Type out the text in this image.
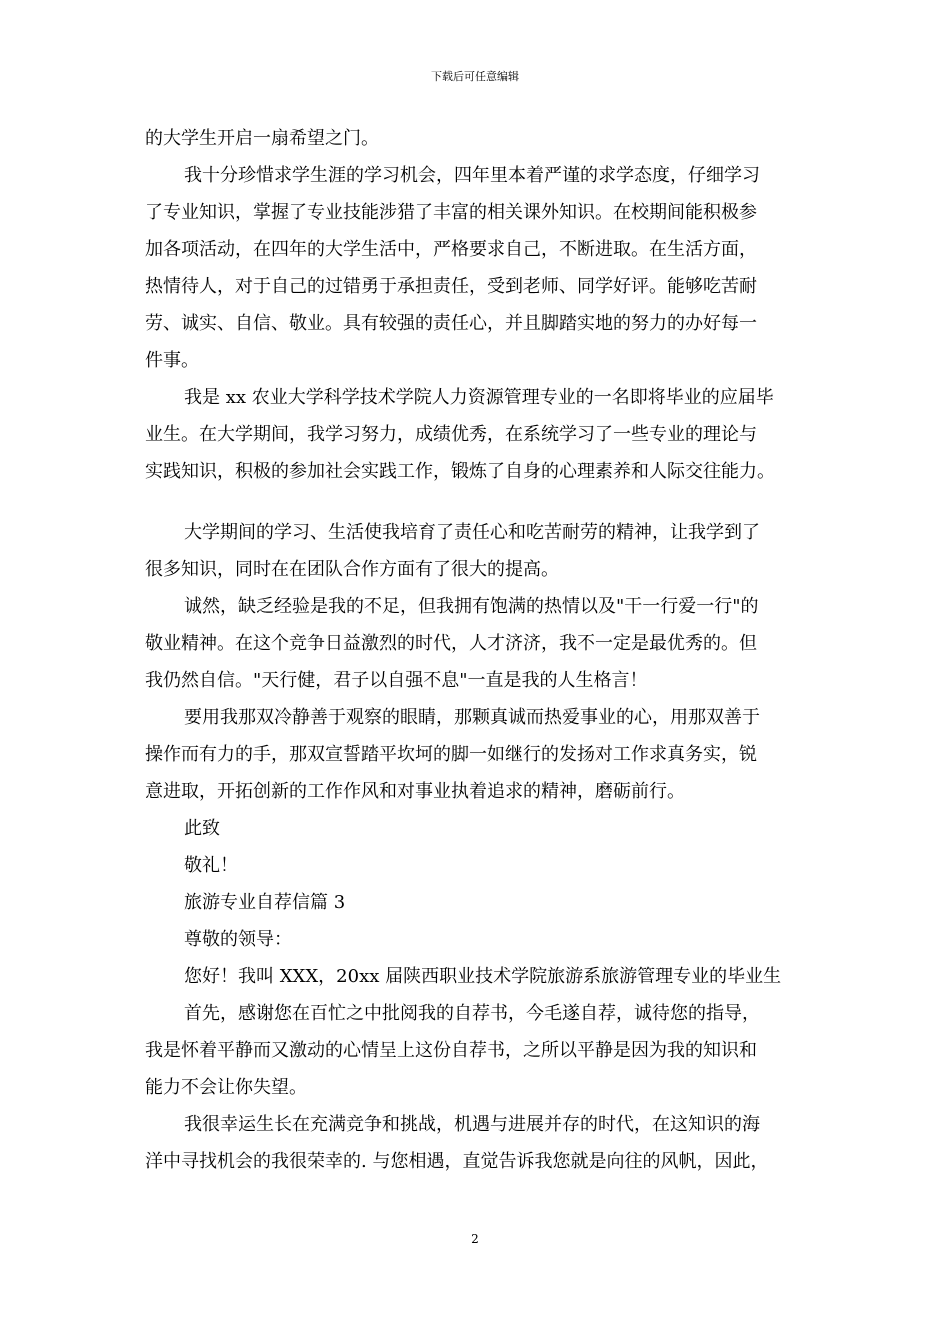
下载后可任意编辑
的大学生开启一扇希望之门。
我十分珍惜求学生涯的学习机会，四年里本着严谨的求学态度，仔细学习
了专业知识，掌握了专业技能涉猎了丰富的相关课外知识。在校期间能积极参
加各项活动，在四年的大学生活中，严格要求自己，不断进取。在生活方面，
热情待人，对于自己的过错勇于承担责任，受到老师、同学好评。能够吃苦耐
劳、诚实、自信、敬业。具有较强的责任心，并且脚踏实地的努力的办好每一
件事。
我是 xx 农业大学科学技术学院人力资源管理专业的一名即将毕业的应届毕
业生。在大学期间，我学习努力，成绩优秀，在系统学习了一些专业的理论与
实践知识，积极的参加社会实践工作，锻炼了自身的心理素养和人际交往能力。
大学期间的学习、生活使我培育了责任心和吃苦耐劳的精神，让我学到了
很多知识，同时在在团队合作方面有了很大的提高。
诚然，缺乏经验是我的不足，但我拥有饱满的热情以及"干一行爱一行"的
敬业精神。在这个竞争日益激烈的时代，人才济济，我不一定是最优秀的。但
我仍然自信。"天行健，君子以自强不息"一直是我的人生格言！
要用我那双冷静善于观察的眼睛，那颗真诚而热爱事业的心，用那双善于
操作而有力的手，那双宣誓踏平坎坷的脚一如继行的发扬对工作求真务实，锐
意进取，开拓创新的工作作风和对事业执着追求的精神，磨砺前行。
此致
敬礼！
旅游专业自荐信篇 3
尊敬的领导：
您好！我叫 XXX，20xx 届陕西职业技术学院旅游系旅游管理专业的毕业生
首先，感谢您在百忙之中批阅我的自荐书，今毛遂自荐，诚待您的指导，
我是怀着平静而又激动的心情呈上这份自荐书，之所以平静是因为我的知识和
能力不会让你失望。
我很幸运生长在充满竞争和挑战，机遇与进展并存的时代，在这知识的海
洋中寻找机会的我很荣幸的. 与您相遇，直觉告诉我您就是向往的风帆，因此，
2
